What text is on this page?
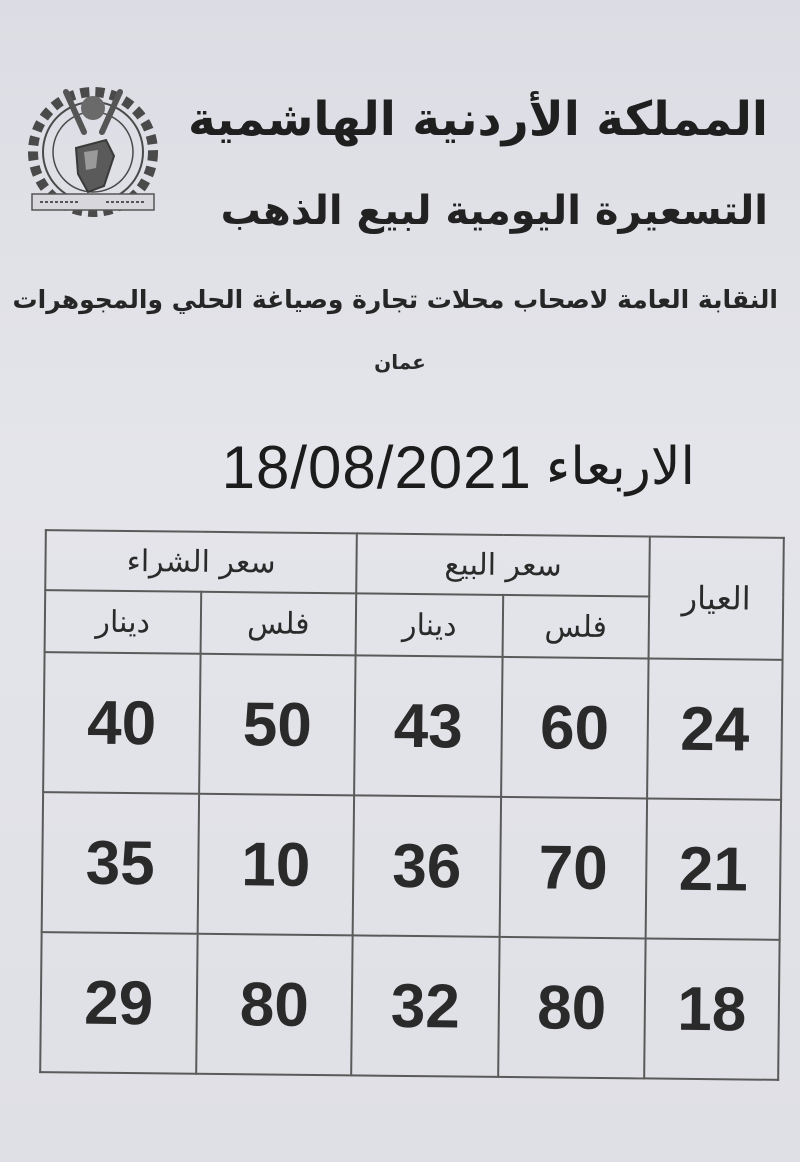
المملكة الأردنية الهاشمية
التسعيرة اليومية لبيع الذهب
النقابة العامة لاصحاب محلات تجارة وصياغة الحلي والمجوهرات
عمان
الاربعاء
18/08/2021
العيار	سعر البيع		سعر الشراء	
	فلس	دينار	فلس	دينار
24	60	43	50	40
21	70	36	10	35
18	80	32	80	29
